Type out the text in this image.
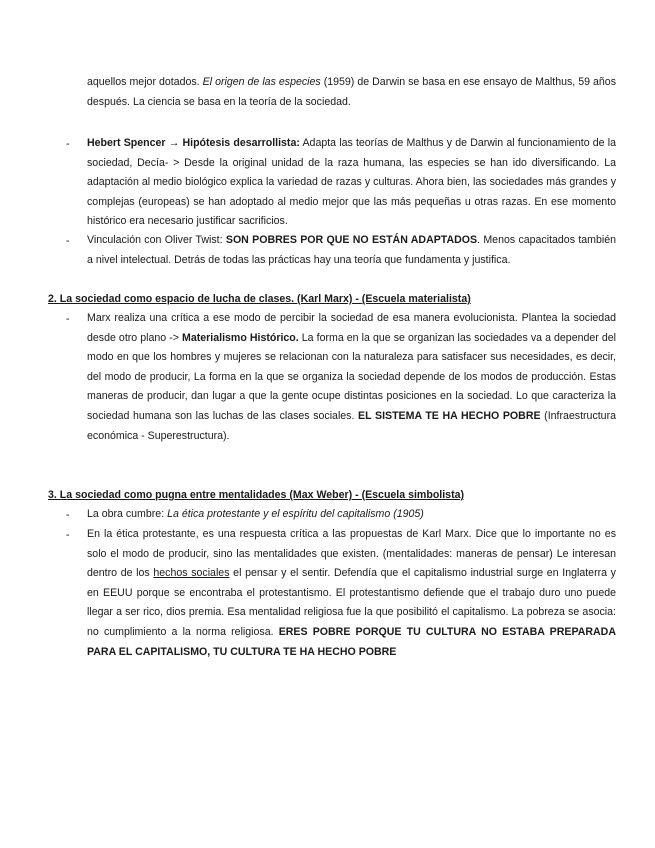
aquellos mejor dotados. El origen de las especies (1959) de Darwin se basa en ese ensayo de Malthus, 59 años después. La ciencia se basa en la teoría de la sociedad.
-	Hebert Spencer → Hipótesis desarrollista: Adapta las teorías de Malthus y de Darwin al funcionamiento de la sociedad, Decía- > Desde la original unidad de la raza humana, las especies se han ido diversificando. La adaptación al medio biológico explica la variedad de razas y culturas. Ahora bien, las sociedades más grandes y complejas (europeas) se han adoptado al medio mejor que las más pequeñas u otras razas. En ese momento histórico era necesario justificar sacrificios.
-	Vinculación con Oliver Twist: SON POBRES POR QUE NO ESTÁN ADAPTADOS. Menos capacitados también a nivel intelectual. Detrás de todas las prácticas hay una teoría que fundamenta y justifica.
2. La sociedad como espacio de lucha de clases. (Karl Marx) - (Escuela materialista)
-	Marx realiza una crítica a ese modo de percibir la sociedad de esa manera evolucionista. Plantea la sociedad desde otro plano -> Materialismo Histórico. La forma en la que se organizan las sociedades va a depender del modo en que los hombres y mujeres se relacionan con la naturaleza para satisfacer sus necesidades, es decir, del modo de producir, La forma en la que se organiza la sociedad depende de los modos de producción. Estas maneras de producir, dan lugar a que la gente ocupe distintas posiciones en la sociedad. Lo que caracteriza la sociedad humana son las luchas de las clases sociales. EL SISTEMA TE HA HECHO POBRE (Infraestructura económica - Superestructura).
3. La sociedad como pugna entre mentalidades (Max Weber) - (Escuela simbolista)
-	La obra cumbre: La ética protestante y el espíritu del capitalismo (1905)
-	En la ética protestante, es una respuesta crítica a las propuestas de Karl Marx. Dice que lo importante no es solo el modo de producir, sino las mentalidades que existen. (mentalidades: maneras de pensar) Le interesan dentro de los hechos sociales el pensar y el sentir. Defendía que el capitalismo industrial surge en Inglaterra y en EEUU porque se encontraba el protestantismo. El protestantismo defiende que el trabajo duro uno puede llegar a ser rico, dios premia. Esa mentalidad religiosa fue la que posibilitó el capitalismo. La pobreza se asocia: no cumplimiento a la norma religiosa. ERES POBRE PORQUE TU CULTURA NO ESTABA PREPARADA PARA EL CAPITALISMO, TU CULTURA TE HA HECHO POBRE
